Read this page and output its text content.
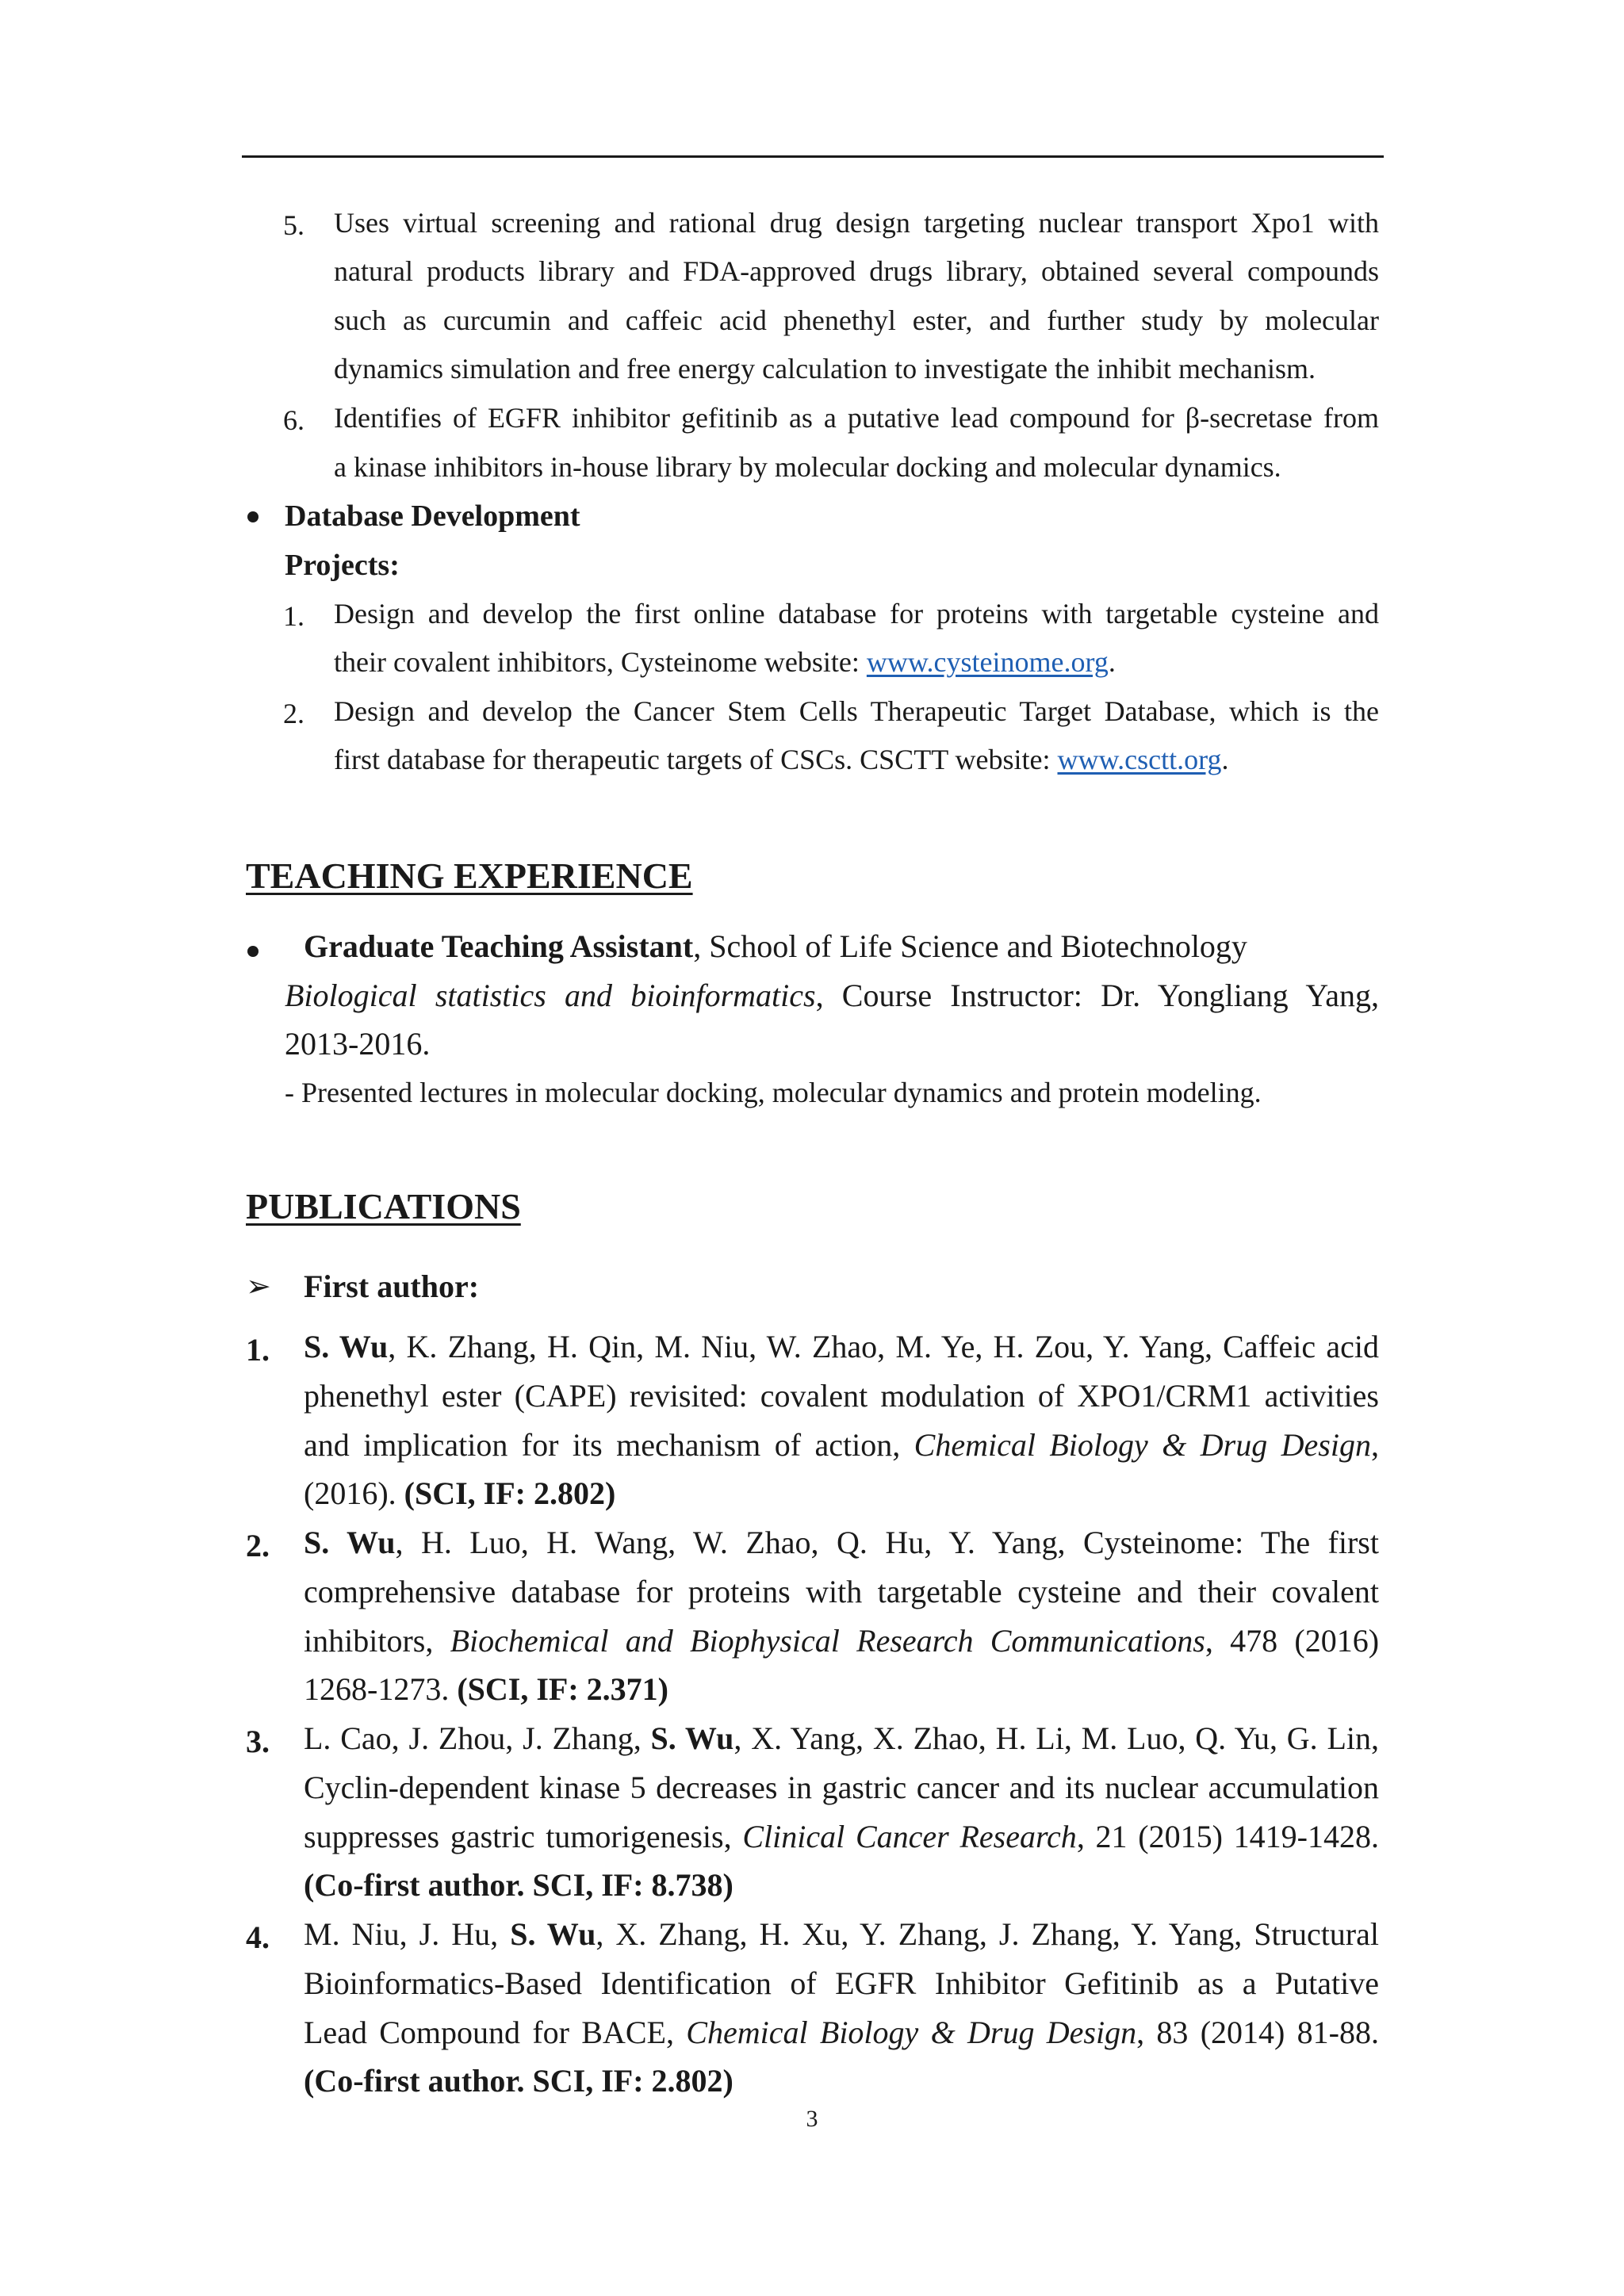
5. Uses virtual screening and rational drug design targeting nuclear transport Xpo1 with
natural products library and FDA-approved drugs library, obtained several compounds
such as curcumin and caffeic acid phenethyl ester, and further study by molecular
dynamics simulation and free energy calculation to investigate the inhibit mechanism.
6. Identifies of EGFR inhibitor gefitinib as a putative lead compound for β-secretase from
a kinase inhibitors in-house library by molecular docking and molecular dynamics.
Database Development
Projects:
1. Design and develop the first online database for proteins with targetable cysteine and
their covalent inhibitors, Cysteinome website: www.cysteinome.org.
2. Design and develop the Cancer Stem Cells Therapeutic Target Database, which is the
first database for therapeutic targets of CSCs. CSCTT website: www.csctt.org.
TEACHING EXPERIENCE
Graduate Teaching Assistant, School of Life Science and Biotechnology
Biological statistics and bioinformatics, Course Instructor: Dr. Yongliang Yang,
2013-2016.
- Presented lectures in molecular docking, molecular dynamics and protein modeling.
PUBLICATIONS
➢ First author:
1. S. Wu, K. Zhang, H. Qin, M. Niu, W. Zhao, M. Ye, H. Zou, Y. Yang, Caffeic acid
phenethyl ester (CAPE) revisited: covalent modulation of XPO1/CRM1 activities
and implication for its mechanism of action, Chemical Biology & Drug Design,
(2016). (SCI, IF: 2.802)
2. S. Wu, H. Luo, H. Wang, W. Zhao, Q. Hu, Y. Yang, Cysteinome: The first
comprehensive database for proteins with targetable cysteine and their covalent
inhibitors, Biochemical and Biophysical Research Communications, 478 (2016)
1268-1273. (SCI, IF: 2.371)
3. L. Cao, J. Zhou, J. Zhang, S. Wu, X. Yang, X. Zhao, H. Li, M. Luo, Q. Yu, G. Lin,
Cyclin-dependent kinase 5 decreases in gastric cancer and its nuclear accumulation
suppresses gastric tumorigenesis, Clinical Cancer Research, 21 (2015) 1419-1428.
(Co-first author. SCI, IF: 8.738)
4. M. Niu, J. Hu, S. Wu, X. Zhang, H. Xu, Y. Zhang, J. Zhang, Y. Yang, Structural
Bioinformatics‐Based Identification of EGFR Inhibitor Gefitinib as a Putative
Lead Compound for BACE, Chemical Biology & Drug Design, 83 (2014) 81-88.
(Co-first author. SCI, IF: 2.802)
3
